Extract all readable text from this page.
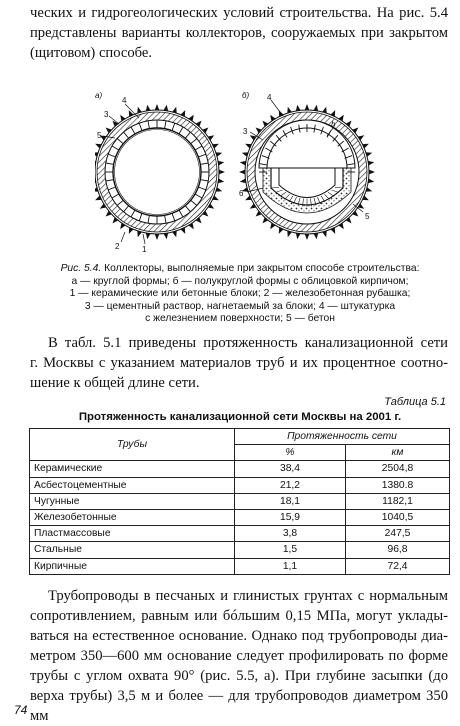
ческих и гидрогеологических условий строительства. На рис. 5.4
представлены варианты коллекторов, сооружаемых при закрытом
(щитовом) способе.
а)
4
3
5
2	1
б) 4
3
6
5
b
Рис. 5.4. Коллекторы, выполняемые при закрытом способе строительства:
а — круглой формы; б — полукруглой формы с облицовкой кирпичом;
1 — керамические или бетонные блоки; 2 — железобетонная рубашка;
3 — цементный раствор, нагнетаемый за блоки; 4 — штукатурка
с железнением поверхности; 5 — бетон
В табл. 5.1 приведены протяженность канализационной сети
г. Москвы с указанием материалов труб и их процентное соотно-
шение к общей длине сети.
Таблица 5.1
Протяженность канализационной сети Москвы на 2001 г.
Трубы	Протяженность сети	
	%	км
Керамические	38,4	2504,8
Асбестоцементные	21,2	1380.8
Чугунные	18,1	1182,1
Железобетонные	15,9	1040,5
Пластмассовые	3,8	247,5
Стальные	1,5	96,8
Кирпичные	1,1	72,4
Трубопроводы в песчаных и глинистых грунтах с нормальным
сопротивлением, равным или бóльшим 0,15 МПа, могут уклады-
ваться на естественное основание. Однако под трубопроводы диа-
метром 350—600 мм основание следует профилировать по форме
трубы с углом охвата 90° (рис. 5.5, а). При глубине засыпки (до
верха трубы) 3,5 м и более — для трубопроводов диаметром 350 мм
74
